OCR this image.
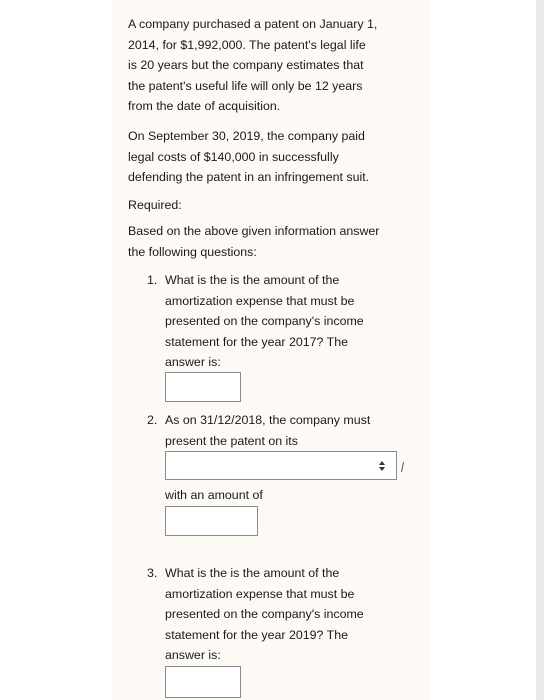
A company purchased a patent on January 1,
2014, for $1,992,000. The patent's legal life
is 20 years but the company estimates that
the patent's useful life will only be 12 years
from the date of acquisition.
On September 30, 2019, the company paid
legal costs of $140,000 in successfully
defending the patent in an infringement suit.
Required:
Based on the above given information answer
the following questions:
1. What is the is the amount of the
amortization expense that must be
presented on the company's income
statement for the year 2017? The
answer is:
2. As on 31/12/2018, the company must
present the patent on its
with an amount of
3. What is the is the amount of the
amortization expense that must be
presented on the company's income
statement for the year 2019? The
answer is:
